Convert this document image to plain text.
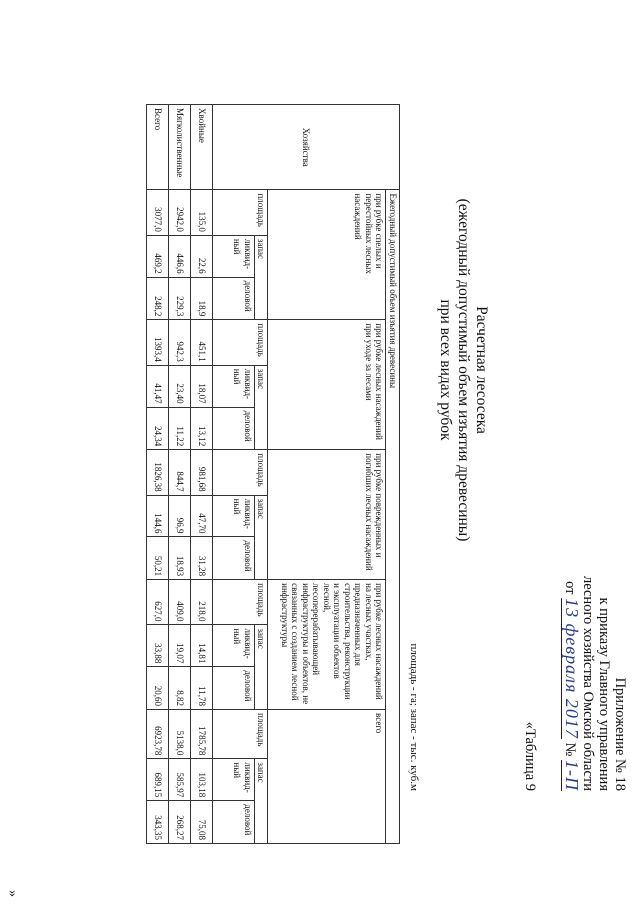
Приложение № 18
к приказу Главного управления
лесного хозяйства Омской области
от 13 февраля 2017 № 1-П
«Таблица 9
Расчетная лесосека
(ежегодный допустимый объем изъятия древесины)
при всех видах рубок
площадь - га; запас - тыс. куб.м
Хозяйства	Ежегодный допустимый объем изъятия древесины														
	при рубке спелых и перестойных лесных насаждений			при рубке лесных насаждений при уходе за лесами			при рубке поврежденных и погибших лесных насаждений			при рубке лесных насаждений на лесных участках, предназначенных для строительства, реконструкции и эксплуатации объектов лесной, лесоперерабатывающей инфраструктуры и объектов, не связанных с созданием лесной инфраструктуры			всего		
	площадь	запас		площадь	запас		площадь	запас		площадь	запас		площадь	запас	
		ликвид-ный	деловой		ликвид-ный	деловой		ликвид-ный	деловой		ликвид-ный	деловой		ликвид-ный	деловой
Хвойные	135,0	22,6	18,9	451,1	18,07	13,12	981,68	47,70	31,28	218,0	14,81	11,78	1785,78	103,18	75,08
Мягколиственные	2942,0	446,6	229,3	942,3	23,40	11,22	844,7	96,9	18,93	409,0	19,07	8,82	5138,0	585,97	268,27
Всего	3077,0	469,2	248,2	1393,4	41,47	24,34	1826,38	144,6	50,21	627,0	33,88	20,60	6923,78	689,15	343,35
»
